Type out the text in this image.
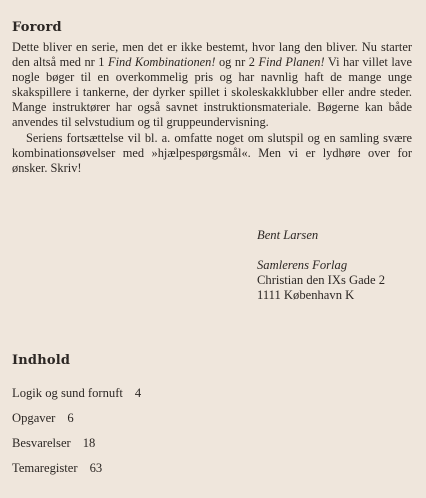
Forord

Dette bliver en serie, men det er ikke bestemt, hvor lang den bliver. Nu starter den altså med nr 1 Find Kombinationen! og nr 2 Find Planen! Vi har villet lave nogle bøger til en overkommelig pris og har navnlig haft de mange unge skakspillere i tankerne, der dyrker spillet i skoleskakklubber eller andre steder. Mange instruktører har også savnet instruktionsmateriale. Bøgerne kan både anvendes til selvstudium og til gruppeundervisning.

Seriens fortsættelse vil bl. a. omfatte noget om slutspil og en samling svære kombinationsøvelser med »hjælpespørgsmål«. Men vi er lydhøre over for ønsker. Skriv!

Bent Larsen
Samlerens Forlag
Christian den IXs Gade 2
1111 København K
Indhold
Logik og sund fornuft 4
Opgaver 6
Besvarelser 18
Temaregister 63
